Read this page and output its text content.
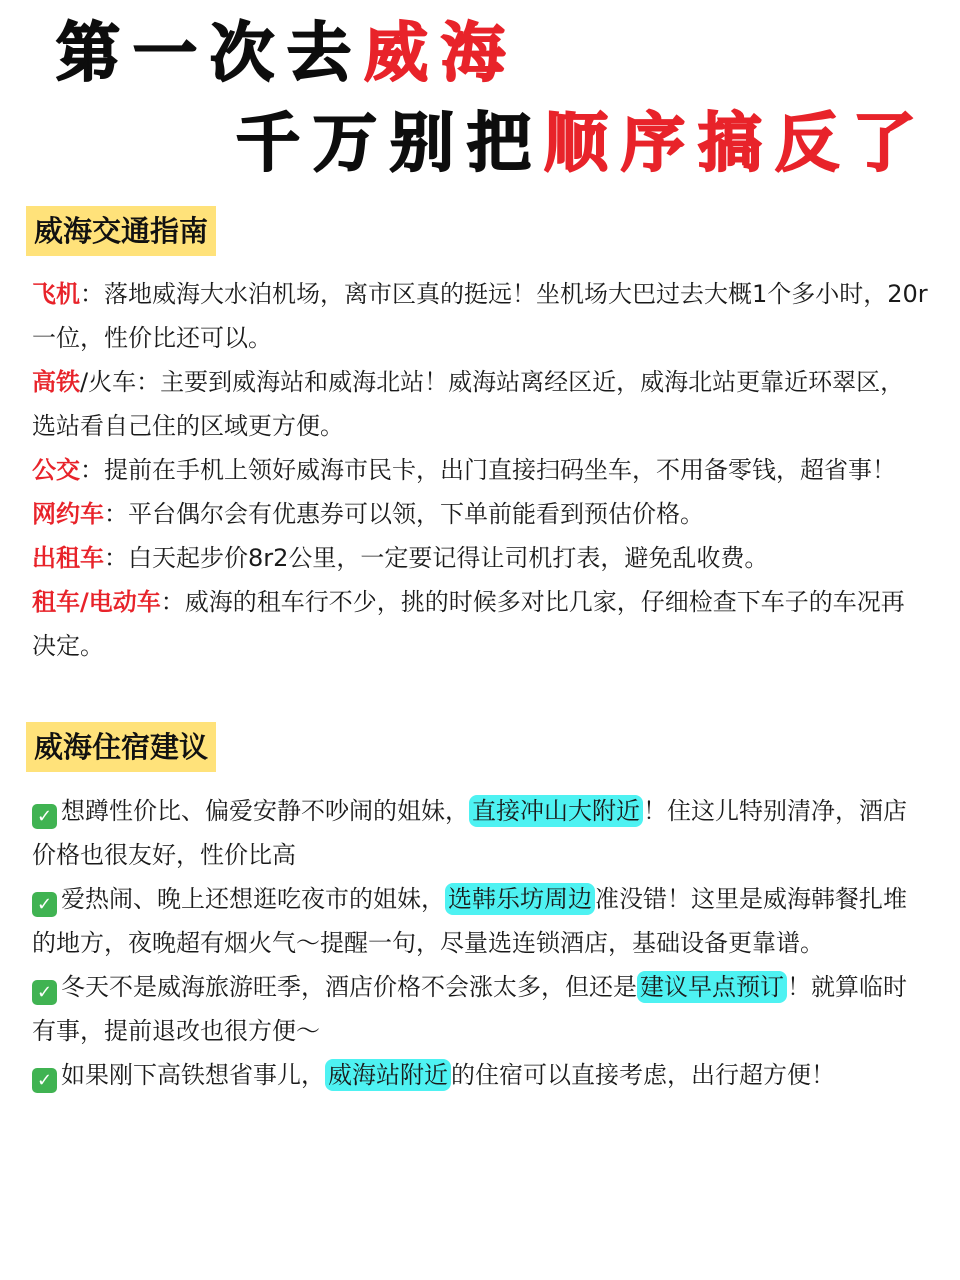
第一次去威海
千万别把顺序搞反了
威海交通指南

飞机：落地威海大水泊机场，离市区真的挺远！坐机场大巴过去大概1个多小时，20r一位，性价比还可以。

高铁/火车：主要到威海站和威海北站！威海站离经区近，威海北站更靠近环翠区，选站看自己住的区域更方便。

公交：提前在手机上领好威海市民卡，出门直接扫码坐车，不用备零钱，超省事！

网约车：平台偶尔会有优惠券可以领，下单前能看到预估价格。

出租车：白天起步价8r2公里，一定要记得让司机打表，避免乱收费。

租车/电动车：威海的租车行不少，挑的时候多对比几家，仔细检查下车子的车况再决定。

威海住宿建议

✓ 想蹲性价比、偏爱安静不吵闹的姐妹， 直接冲山大附近 ！住这儿特别清净，酒店价格也很友好，性价比高

✓ 爱热闹、晚上还想逛吃夜市的姐妹， 选韩乐坊周边 准没错！这里是威海韩餐扎堆的地方，夜晚超有烟火气～提醒一句，尽量选连锁酒店，基础设备更靠谱。

✓ 冬天不是威海旅游旺季，酒店价格不会涨太多，但还是 建议早点预订 ！就算临时有事，提前退改也很方便～

✓ 如果刚下高铁想省事儿， 威海站附近 的住宿可以直接考虑，出行超方便！
